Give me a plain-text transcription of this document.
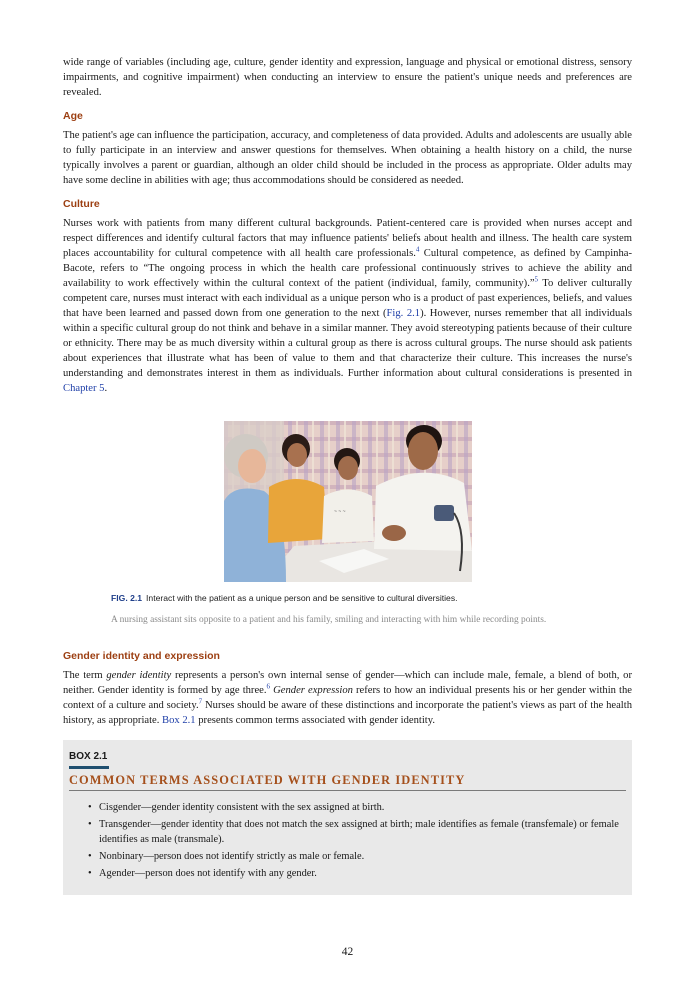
wide range of variables (including age, culture, gender identity and expression, language and physical or emotional distress, sensory impairments, and cognitive impairment) when conducting an interview to ensure the patient's unique needs and preferences are revealed.

Age

The patient's age can influence the participation, accuracy, and completeness of data provided. Adults and adolescents are usually able to fully participate in an interview and answer questions for themselves. When obtaining a health history on a child, the nurse typically involves a parent or guardian, although an older child should be included in the process as appropriate. Older adults may have some decline in abilities with age; thus accommodations should be considered as needed.

Culture

Nurses work with patients from many different cultural backgrounds. Patient-centered care is provided when nurses accept and respect differences and identify cultural factors that may influence patients' beliefs about health and illness. The health care system places accountability for cultural competence with all health care professionals.$^4$ Cultural competence, as defined by Campinha-Bacote, refers to “The ongoing process in which the health care professional continuously strives to achieve the ability and availability to work effectively within the cultural context of the patient (individual, family, community).”$^5$ To deliver culturally competent care, nurses must interact with each individual as a unique person who is a product of past experiences, beliefs, and values that have been learned and passed down from one generation to the next (Fig. 2.1). However, nurses remember that all individuals within a specific cultural group do not think and behave in a similar manner. They avoid stereotyping patients because of their culture or ethnicity. There may be as much diversity within a cultural group as there is across cultural groups. The nurse should ask patients about experiences that illustrate what has been of value to them and that characterize their culture. This increases the nurse's understanding and demonstrates interest in them as individuals. Further information about cultural considerations is presented in Chapter 5.

~ ~ ~
FIG. 2.1 Interact with the patient as a unique person and be sensitive to cultural diversities.
A nursing assistant sits opposite to a patient and his family, smiling and interacting with him while recording points.
Gender identity and expression

The term gender identity represents a person's own internal sense of gender—which can include male, female, a blend of both, or neither. Gender identity is formed by age three.$^6$ Gender expression refers to how an individual presents his or her gender within the context of a culture and society.$^7$ Nurses should be aware of these distinctions and incorporate the patient's views as part of the health history, as appropriate. Box 2.1 presents common terms associated with gender identity.

BOX 2.1
COMMON TERMS ASSOCIATED WITH GENDER IDENTITY
• Cisgender—gender identity consistent with the sex assigned at birth.
• Transgender—gender identity that does not match the sex assigned at birth; male identifies as female (transfemale) or female identifies as male (transmale).
• Nonbinary—person does not identify strictly as male or female.
• Agender—person does not identify with any gender.
42
